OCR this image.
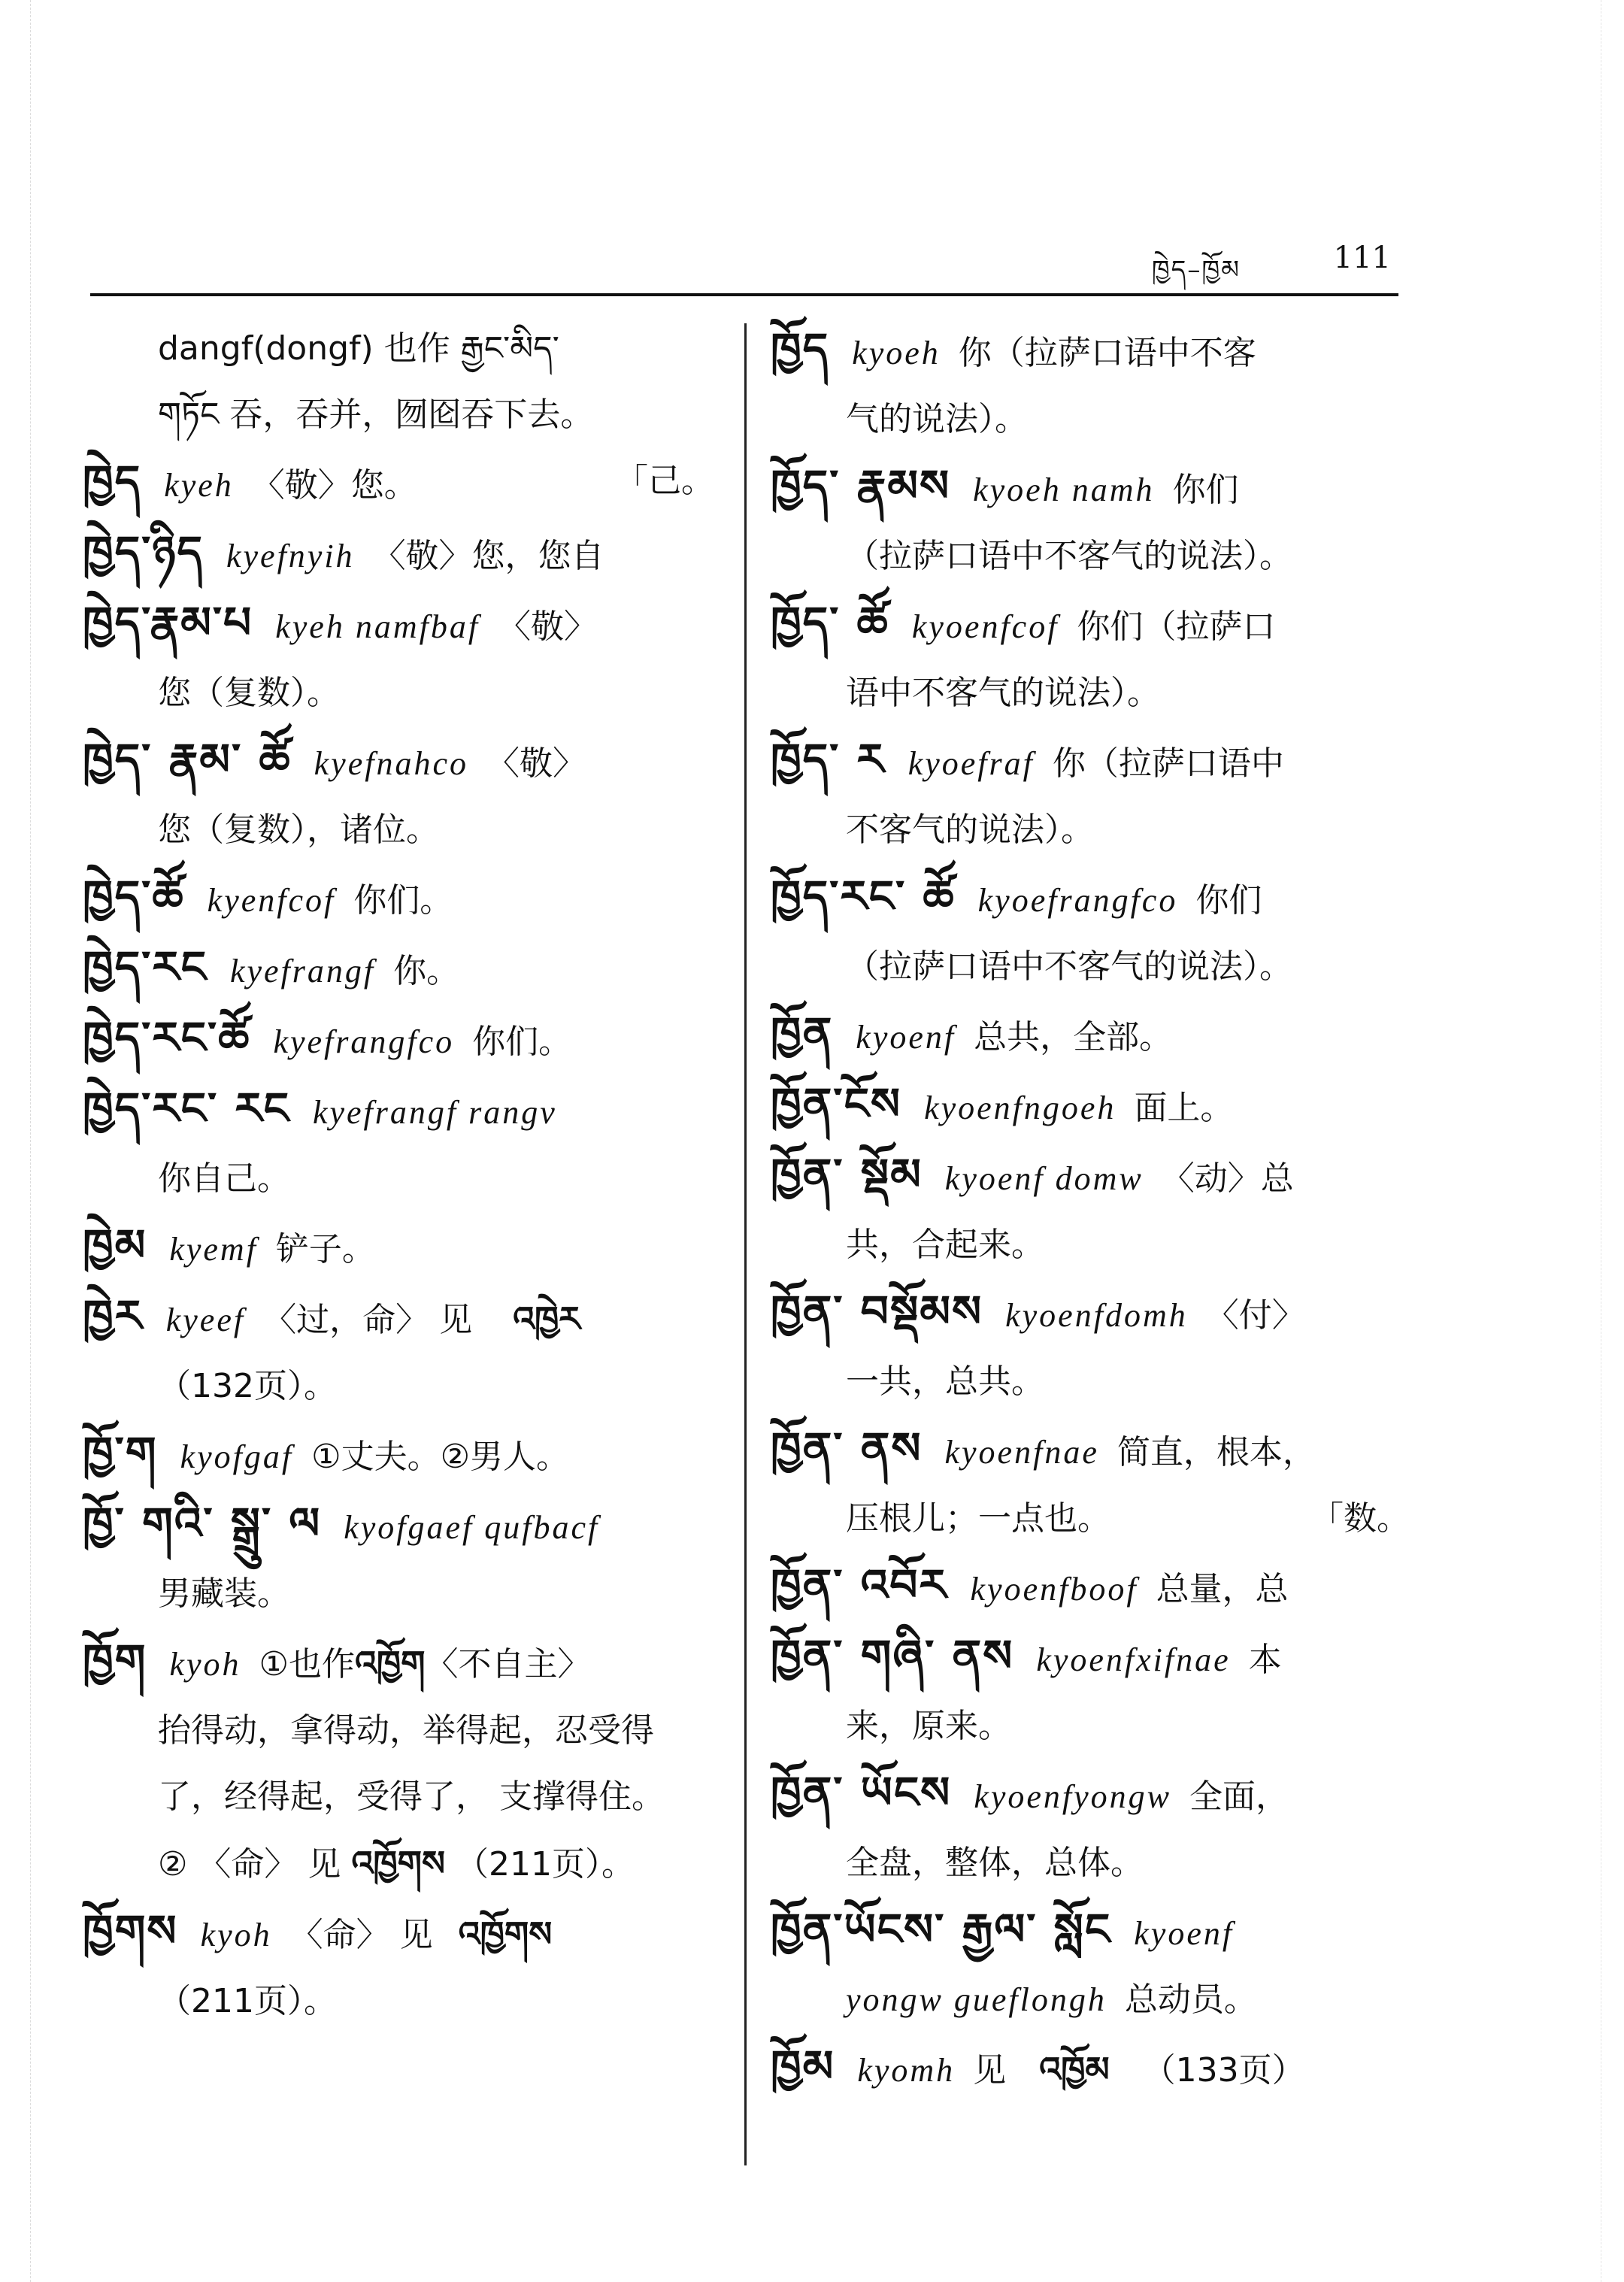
ཁྱེད–ཁྱོམ	111

dangf(dongf) 也作 རྒྱང་མིད་

གཏོང 吞，吞并，囫囵吞下去。

ཁྱེད kyeh 〈敬〉您。	「己。

ཁྱེད་ཉིད kyefnyih 〈敬〉您，您自

ཁྱེད་རྣམ་པ kyeh namfbaf 〈敬〉

您（复数）。

ཁྱེད་ རྣམ་ ཚོ kyefnahco 〈敬〉

您（复数），诸位。

ཁྱེད་ཚོ kyenfcof 你们。

ཁྱེད་རང kyefrangf 你。

ཁྱེད་རང་ཚོ kyefrangfco 你们。

ཁྱེད་རང་ རང kyefrangf rangv

你自己。

ཁྱེམ kyemf 铲子。

ཁྱེར kyeef 〈过，命〉 见 འཁྱེར

（132页）。

ཁྱོ་ག kyofgaf ①丈夫。②男人。

ཁྱོ་ གའི་ སྒྲུ་ ལ kyofgaef qufbacf

男藏装。

ཁྱོག kyoh ①也作འཁྱོག〈不自主〉

抬得动，拿得动，举得起，忍受得

了，经得起，受得了， 支撑得住。

② 〈命〉 见 འཁྱོགས （211页）。

ཁྱོགས kyoh 〈命〉 见 འཁྱོགས

（211页）。

ཁྱོད kyoeh 你（拉萨口语中不客

气的说法）。

ཁྱོད་ རྣམས kyoeh namh 你们

（拉萨口语中不客气的说法）。

ཁྱོད་ ཚོ kyoenfcof 你们（拉萨口

语中不客气的说法）。

ཁྱོད་ ར kyoefraf 你（拉萨口语中

不客气的说法）。

ཁྱོད་རང་ ཚོ kyoefrangfco 你们

（拉萨口语中不客气的说法）。

ཁྱོན kyoenf 总共，全部。

ཁྱོན་ངོས kyoenfngoeh 面上。

ཁྱོན་ སྡོམ kyoenf domw 〈动〉总

共，合起来。

ཁྱོན་ བསྡོམས kyoenfdomh 〈付〉

一共，总共。

ཁྱོན་ ནས kyoenfnae 简直，根本，

压根儿；一点也。	「数。

ཁྱོན་ འབོར kyoenfboof 总量，总

ཁྱོན་ གཞི་ ནས kyoenfxifnae 本

来，原来。

ཁྱོན་ ཡོངས kyoenfyongw 全面，

全盘，整体，总体。

ཁྱོན་ཡོངས་ རྒྱལ་ སློང kyoenf

yongw gueflongh 总动员。

ཁྱོམ kyomh 见 འཁྱོམ （133页）
